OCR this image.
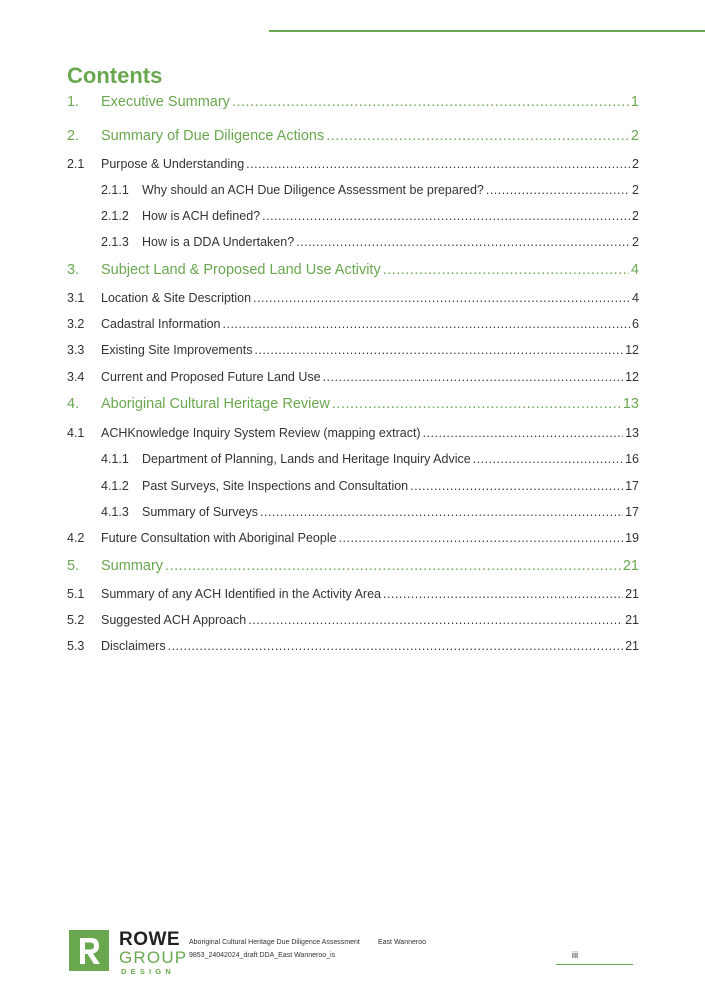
Contents
1.	Executive Summary .....	1
2.	Summary of Due Diligence Actions .....	2
2.1	Purpose & Understanding .....	2
2.1.1	Why should an ACH Due Diligence Assessment be prepared? .....	2
2.1.2	How is ACH defined? .....	2
2.1.3	How is a DDA Undertaken? .....	2
3.	Subject Land & Proposed Land Use Activity .....	4
3.1	Location & Site Description .....	4
3.2	Cadastral Information .....	6
3.3	Existing Site Improvements .....	12
3.4	Current and Proposed Future Land Use .....	12
4.	Aboriginal Cultural Heritage Review .....	13
4.1	ACHKnowledge Inquiry System Review (mapping extract) .....	13
4.1.1	Department of Planning, Lands and Heritage Inquiry Advice .....	16
4.1.2	Past Surveys, Site Inspections and Consultation .....	17
4.1.3	Summary of Surveys .....	17
4.2	Future Consultation with Aboriginal People .....	19
5.	Summary .....	21
5.1	Summary of any ACH Identified in the Activity Area .....	21
5.2	Suggested ACH Approach .....	21
5.3	Disclaimers .....	21
ROWE
GROUP
DESIGN
Aboriginal Cultural Heritage Due Diligence Assessment	East Wanneroo
9853_24042024_draft DDA_East Wanneroo_is	iii
